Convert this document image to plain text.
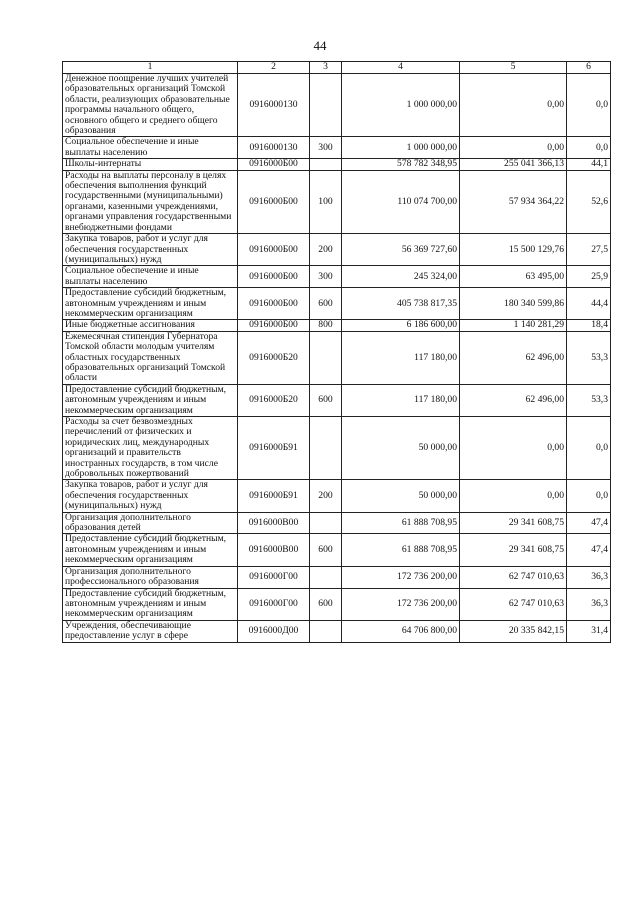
44
1	2	3	4	5	6
Денежное поощрение лучших учителей образовательных организаций Томской области, реализующих образовательные программы начального общего, основного общего и среднего общего образования	0916000130		1 000 000,00	0,00	0,0
Социальное обеспечение и иные выплаты населению	0916000130	300	1 000 000,00	0,00	0,0
Школы-интернаты	0916000Б00		578 782 348,95	255 041 366,13	44,1
Расходы на выплаты персоналу в целях обеспечения выполнения функций государственными (муниципальными) органами, казенными учреждениями, органами управления государственными внебюджетными фондами	0916000Б00	100	110 074 700,00	57 934 364,22	52,6
Закупка товаров, работ и услуг для обеспечения государственных (муниципальных) нужд	0916000Б00	200	56 369 727,60	15 500 129,76	27,5
Социальное обеспечение и иные выплаты населению	0916000Б00	300	245 324,00	63 495,00	25,9
Предоставление субсидий бюджетным, автономным учреждениям и иным некоммерческим организациям	0916000Б00	600	405 738 817,35	180 340 599,86	44,4
Иные бюджетные ассигнования	0916000Б00	800	6 186 600,00	1 140 281,29	18,4
Ежемесячная стипендия Губернатора Томской области молодым учителям областных государственных образовательных организаций Томской области	0916000Б20		117 180,00	62 496,00	53,3
Предоставление субсидий бюджетным, автономным учреждениям и иным некоммерческим организациям	0916000Б20	600	117 180,00	62 496,00	53,3
Расходы за счет безвозмездных перечислений от физических и юридических лиц, международных организаций и правительств иностранных государств, в том числе добровольных пожертвований	0916000Б91		50 000,00	0,00	0,0
Закупка товаров, работ и услуг для обеспечения государственных (муниципальных) нужд	0916000Б91	200	50 000,00	0,00	0,0
Организация дополнительного образования детей	0916000В00		61 888 708,95	29 341 608,75	47,4
Предоставление субсидий бюджетным, автономным учреждениям и иным некоммерческим организациям	0916000В00	600	61 888 708,95	29 341 608,75	47,4
Организация дополнительного профессионального образования	0916000Г00		172 736 200,00	62 747 010,63	36,3
Предоставление субсидий бюджетным, автономным учреждениям и иным некоммерческим организациям	0916000Г00	600	172 736 200,00	62 747 010,63	36,3
Учреждения, обеспечивающие предоставление услуг в сфере	0916000Д00		64 706 800,00	20 335 842,15	31,4
